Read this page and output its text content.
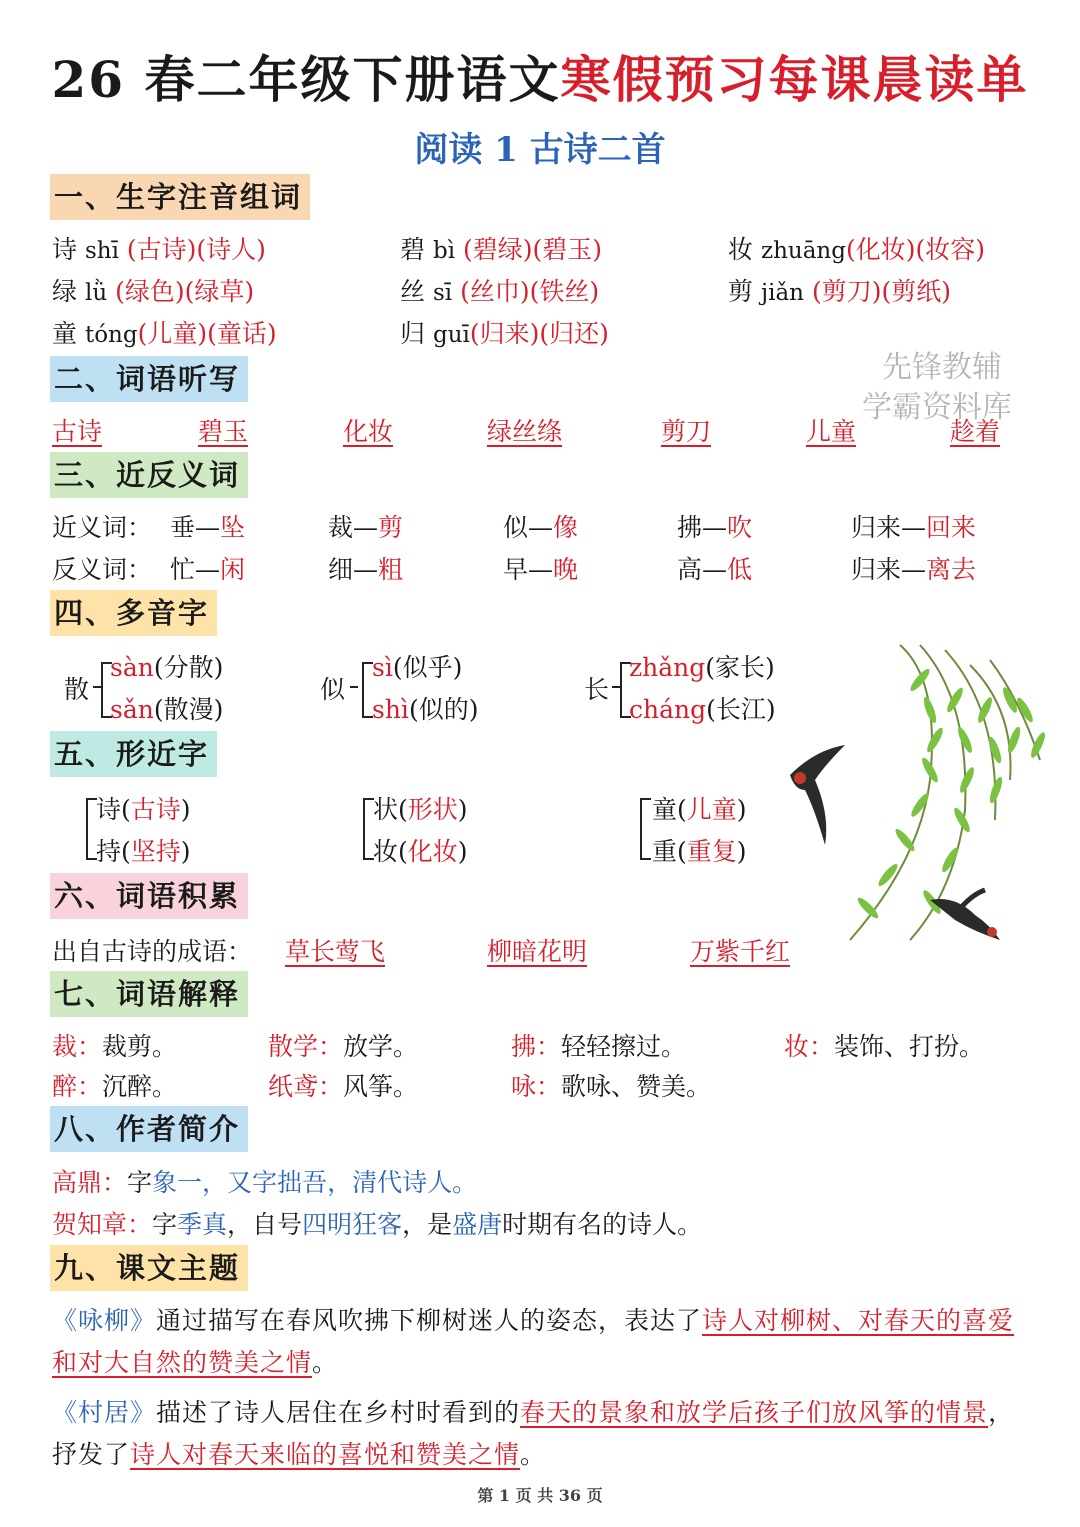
26 春二年级下册语文寒假预习每课晨读单
阅读 1 古诗二首
一、生字注音组词
诗 shī (古诗)(诗人)	碧 bì (碧绿)(碧玉)	妆 zhuāng(化妆)(妆容)
绿 lǜ (绿色)(绿草)	丝 sī (丝巾)(铁丝)	剪 jiǎn (剪刀)(剪纸)
童 tóng(儿童)(童话)	归 guī(归来)(归还)
二、词语听写
古诗	碧玉	化妆	绿丝绦	剪刀	儿童	趁着
先锋教辅
学霸资料库
三、近反义词
近义词： 垂—坠	裁—剪	似—像	拂—吹	归来—回来
反义词： 忙—闲	细—粗	早—晚	高—低	归来—离去
四、多音字
散
sàn(分散)
sǎn(散漫)
似
sì(似乎)
shì(似的)
长
zhǎng(家长)
cháng(长江)
五、形近字
诗(古诗)
持(坚持)
状(形状)
妆(化妆)
童(儿童)
重(重复)
六、词语积累
出自古诗的成语： 草长莺飞	柳暗花明	万紫千红
七、词语解释
裁：裁剪。	散学：放学。	拂：轻轻擦过。	妆：装饰、打扮。
醉：沉醉。	纸鸢：风筝。	咏：歌咏、赞美。
八、作者简介
高鼎：字象一，又字拙吾，清代诗人。
贺知章：字季真，自号四明狂客，是盛唐时期有名的诗人。
九、课文主题
《咏柳》通过描写在春风吹拂下柳树迷人的姿态，表达了诗人对柳树、对春天的喜爱和对大自然的赞美之情。
《村居》描述了诗人居住在乡村时看到的春天的景象和放学后孩子们放风筝的情景，抒发了诗人对春天来临的喜悦和赞美之情。
第 1 页 共 36 页
